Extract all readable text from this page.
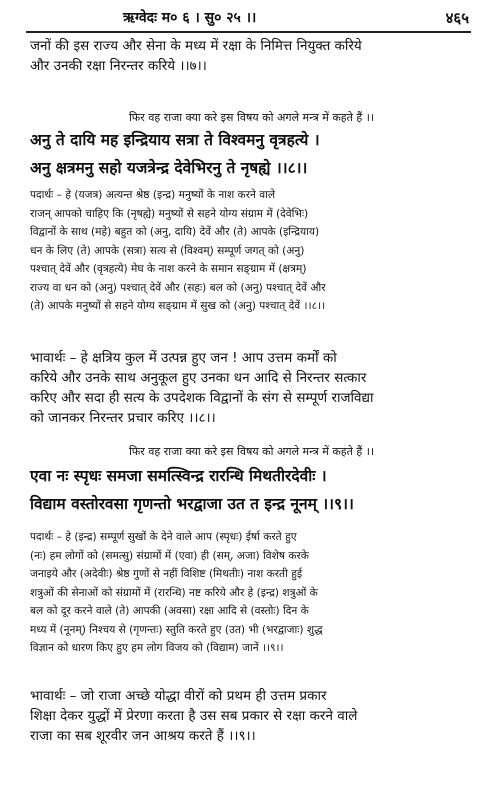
ऋग्वेदः म० ६ । सु० २५ ।।	४६५
जनों की इस राज्य और सेना के मध्य में रक्षा के निमित्त नियुक्त करिये
और उनकी रक्षा निरन्तर करिये ।।७।।
फिर वह राजा क्या करे इस विषय को अगले मन्त्र में कहते हैं ।।
अनु ते दायि मह इन्द्रियाय सत्रा ते विश्वमनु वृत्रहत्ये ।
अनु क्षत्रमनु सहो यजत्रेन्द्र देवेभिरनु ते नृषह्ये ।।८।।
पदार्थः – हे (यजत्र) अत्यन्त श्रेष्ठ (इन्द्र) मनुष्यों के नाश करने वाले
राजन् आपको चाहिए कि (नृषह्ये) मनुष्यों से सहने योग्य संग्राम में (देवेभिः)
विद्वानों के साथ (महे) बहुत को (अनु, दायि) देवें और (ते) आपके (इन्द्रियाय)
धन के लिए (ते) आपके (सत्रा) सत्य से (विश्वम्) सम्पूर्ण जगत् को (अनु)
पश्चात् देवें और (वृत्रहत्ये) मेघ के नाश करने के समान सङ्ग्राम में (क्षत्रम्)
राज्य वा धन को (अनु) पश्चात् देवें और (सहः) बल को (अनु) पश्चात् देवें और
(ते) आपके मनुष्यों से सहने योग्य सङ्ग्राम में सुख को (अनु) पश्चात् देवें ।।८।।
भावार्थः – हे क्षत्रिय कुल में उत्पन्न हुए जन ! आप उत्तम कर्मों को
करिये और उनके साथ अनुकूल हुए उनका धन आदि से निरन्तर सत्कार
करिए और सदा ही सत्य के उपदेशक विद्वानों के संग से सम्पूर्ण राजविद्या
को जानकर निरन्तर प्रचार करिए ।।८।।
फिर वह राजा क्या करे इस विषय को अगले मन्त्र में कहते हैं ।।
एवा नः स्पृधः समजा समत्स्विन्द्र रारन्धि मिथतीरदेवीः ।
विद्याम वस्तोरवसा गृणन्तो भरद्वाजा उत त इन्द्र नूनम् ।।९।।
पदार्थः – हे (इन्द्र) सम्पूर्ण सुखों के देने वाले आप (स्पृधः) ईर्षा करते हुए
(नः) हम लोगों को (समत्सु) संग्रामों में (एवा) ही (सम्, अजा) विशेष करके
जनाइये और (अदेवीः) श्रेष्ठ गुणों से नहीं विशिष्ट (मिथतीः) नाश करती हुई
शत्रुओं की सेनाओं को संग्रामों में (रारन्धि) नष्ट करिये और हे (इन्द्र) शत्रुओं के
बल को दूर करने वाले (ते) आपकी (अवसा) रक्षा आदि से (वस्तोः) दिन के
मध्य में (नूनम्) निश्चय से (गृणन्तः) स्तुति करते हुए (उत) भी (भरद्वाजाः) शुद्ध
विज्ञान को धारण किए हुए हम लोग विजय को (विद्याम) जानें ।।९।।
भावार्थः – जो राजा अच्छे योद्धा वीरों को प्रथम ही उत्तम प्रकार
शिक्षा देकर युद्धों में प्रेरणा करता है उस सब प्रकार से रक्षा करने वाले
राजा का सब शूरवीर जन आश्रय करते हैं ।।९।।
